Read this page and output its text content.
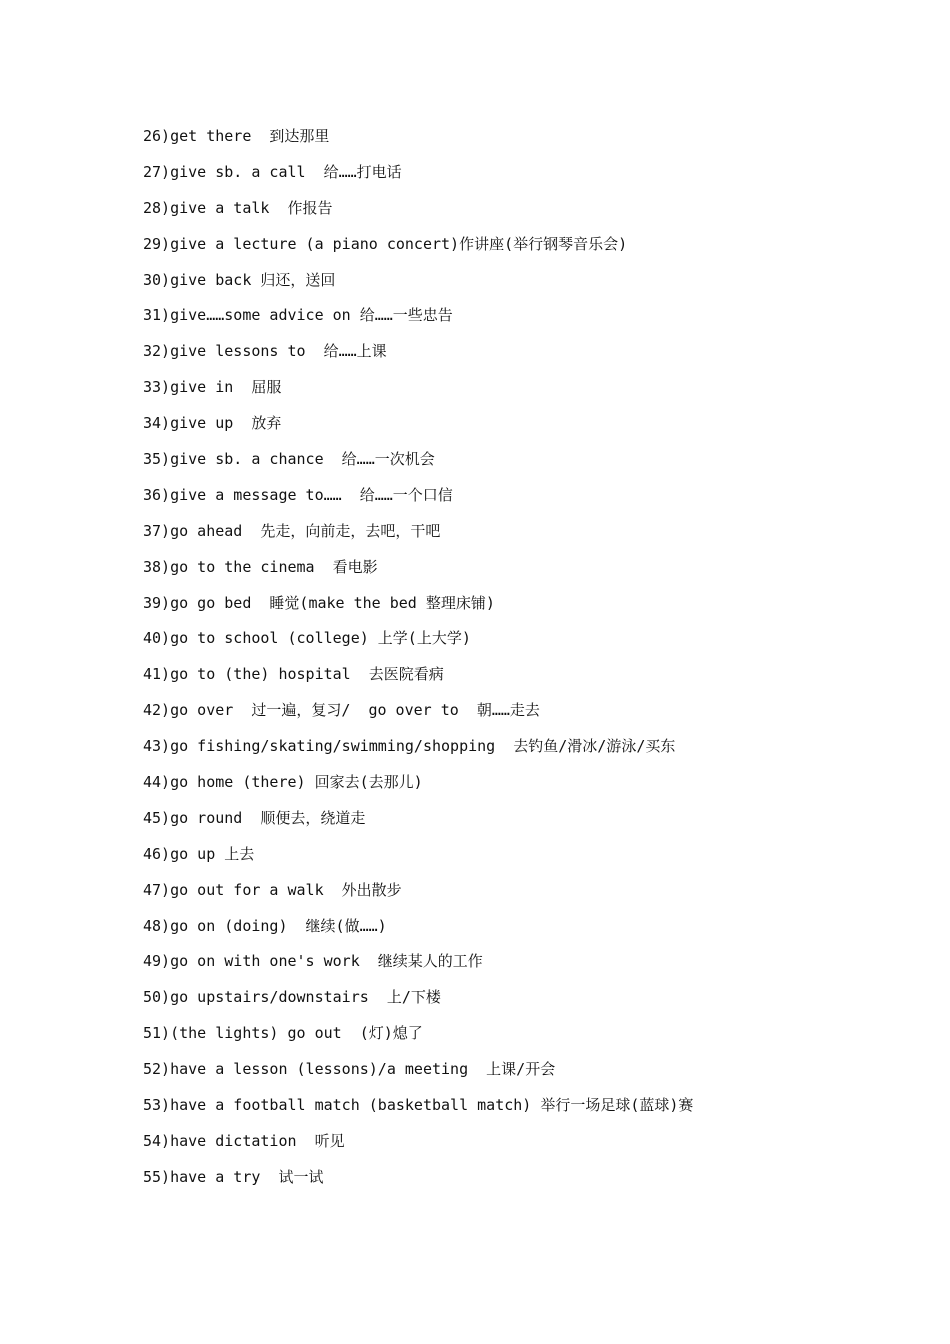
26)get there  到达那里
27)give sb. a call  给……打电话
28)give a talk  作报告
29)give a lecture (a piano concert)作讲座(举行钢琴音乐会)
30)give back 归还，送回
31)give……some advice on 给……一些忠告
32)give lessons to  给……上课
33)give in  屈服
34)give up  放弃
35)give sb. a chance  给……一次机会
36)give a message to……  给……一个口信
37)go ahead  先走，向前走，去吧，干吧
38)go to the cinema  看电影
39)go go bed  睡觉(make the bed 整理床铺)
40)go to school (college) 上学(上大学)
41)go to (the) hospital  去医院看病
42)go over  过一遍，复习/  go over to  朝……走去
43)go fishing/skating/swimming/shopping  去钓鱼/滑冰/游泳/买东
44)go home (there) 回家去(去那儿)
45)go round  顺便去，绕道走
46)go up 上去
47)go out for a walk  外出散步
48)go on (doing)  继续(做……)
49)go on with one's work  继续某人的工作
50)go upstairs/downstairs  上/下楼
51)(the lights) go out  (灯)熄了
52)have a lesson (lessons)/a meeting  上课/开会
53)have a football match (basketball match) 举行一场足球(蓝球)赛
54)have dictation  听见
55)have a try  试一试
